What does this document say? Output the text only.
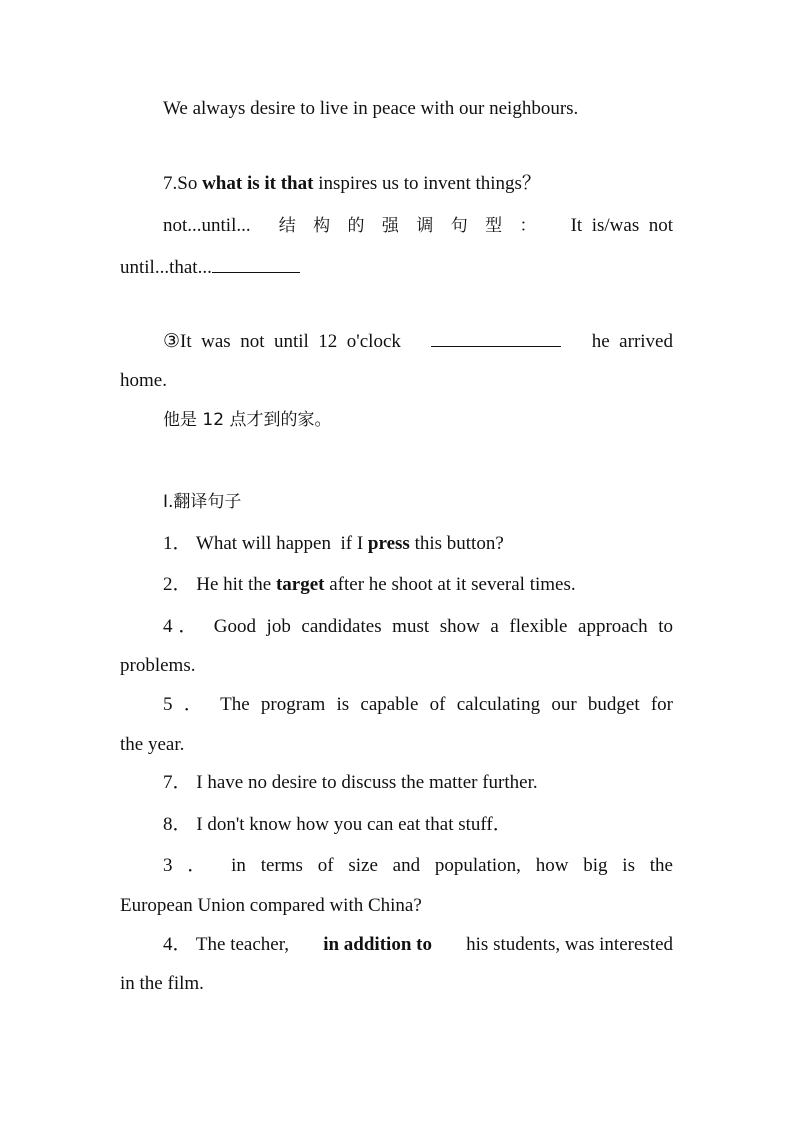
We always desire to live in peace with our neighbours.
7.So what is it that inspires us to invent things？
not...until... 结 构 的 强 调 句 型 ： It  is/was  not
until...that...
③It  was  not  until  12  o'clock	he  arrived
home.
他是 12 点才到的家。
Ⅰ.翻译句子
1． What will happen  if I press this button?
2． He hit the target after he shoot at it several times.
4． Good job candidates must show a flexible approach to
problems.
5 ． The program is capable of calculating our budget for
the year.
7． I have no desire to discuss the matter further.
8． I don't know how you can eat that stuff．
3 ． in terms of size and population, how big is the
European Union compared with China?
4． The teacher, in addition to his students, was interested
in the film.
